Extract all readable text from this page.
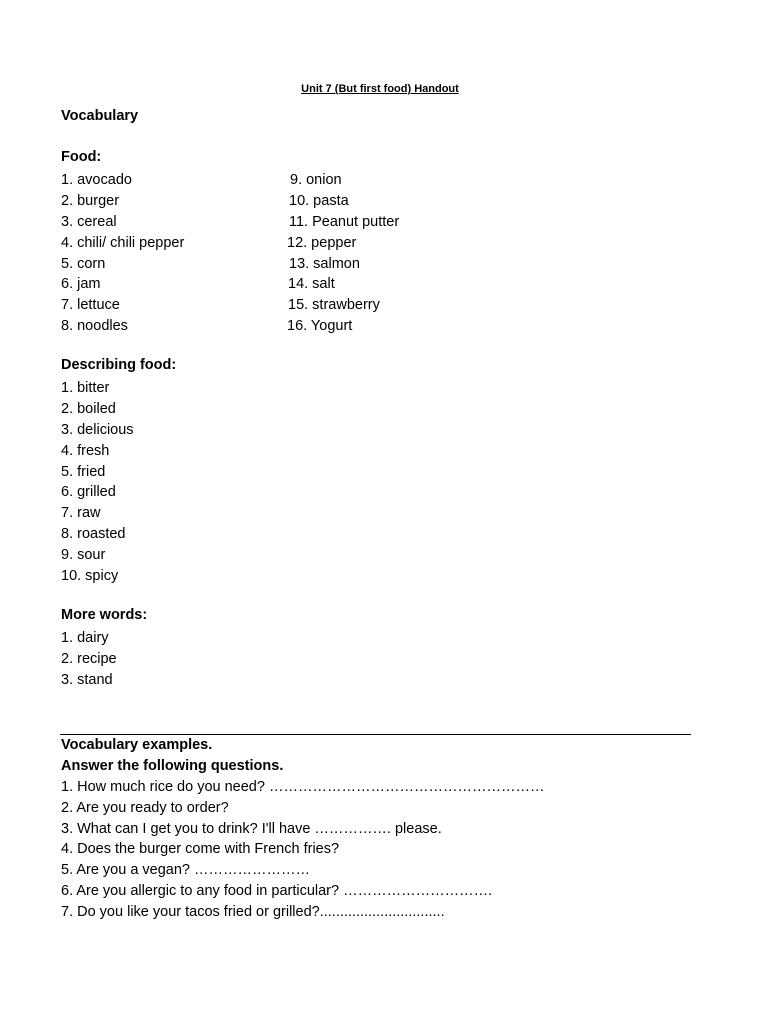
Unit 7 (But first food) Handout
Vocabulary
Food:
1. avocado
2. burger
3. cereal
4. chili/ chili pepper
5. corn
6. jam
7. lettuce
8. noodles
9. onion
10. pasta
11. Peanut putter
12. pepper
13. salmon
14. salt
15. strawberry
16. Yogurt
Describing food:
1. bitter
2. boiled
3. delicious
4. fresh
5. fried
6. grilled
7. raw
8. roasted
9. sour
10. spicy
More words:
1. dairy
2. recipe
3. stand
Vocabulary examples.
Answer the following questions.
1. How much rice do you need? …………………………………………………
2. Are you ready to order?
3. What can I get you to drink? I'll have ……………. please.
4. Does the burger come with French fries?
5. Are you a vegan? ……………………
6. Are you allergic to any food in particular? ………………………….
7. Do you like your tacos fried or grilled?...............................
